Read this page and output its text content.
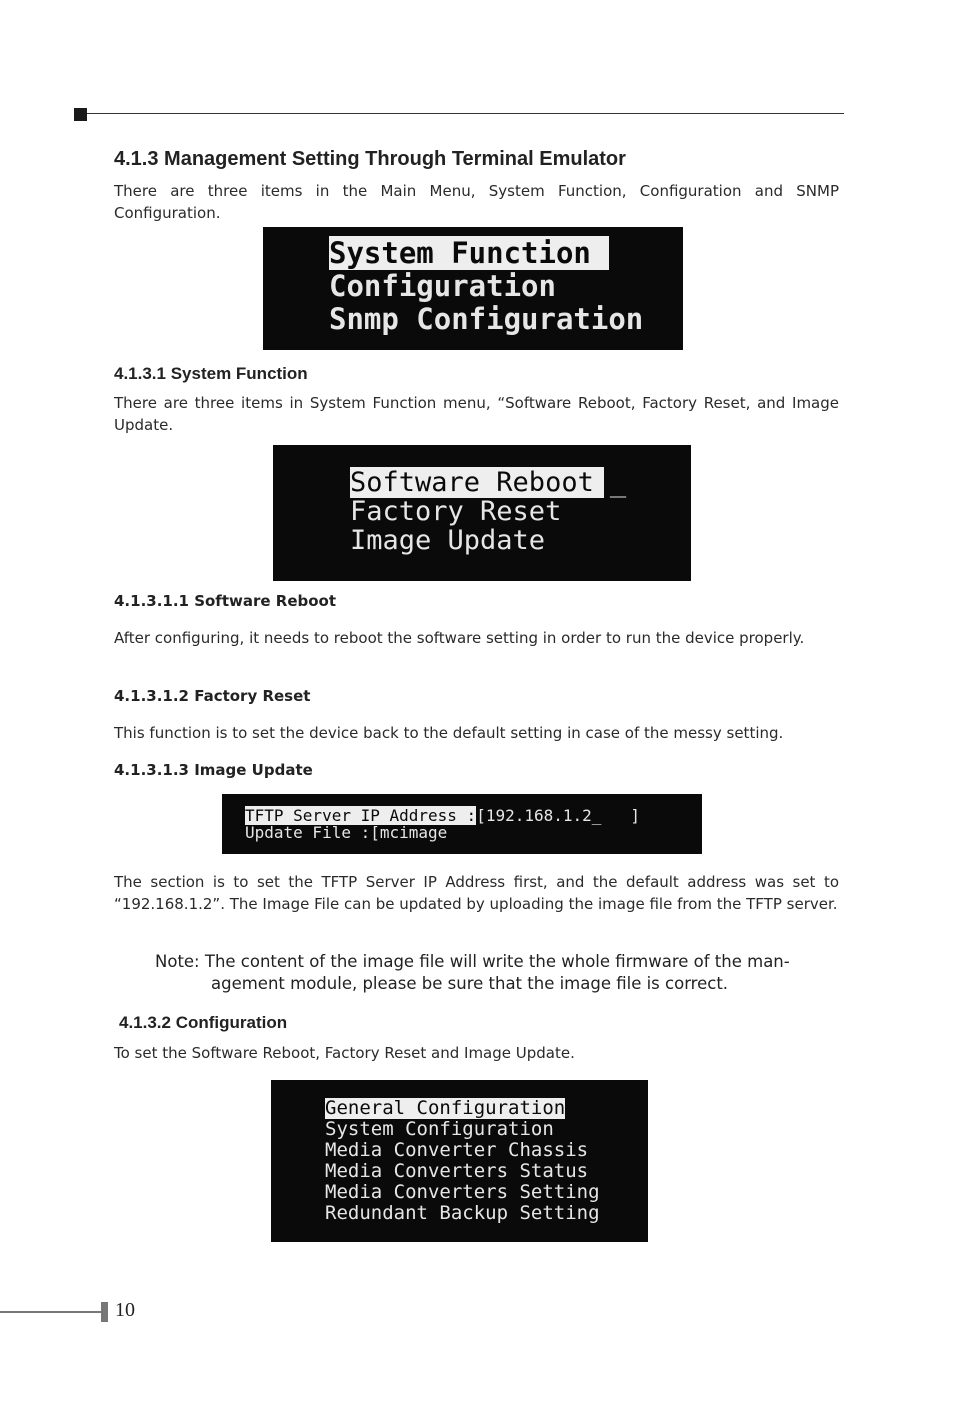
4.1.3 Management Setting Through Terminal Emulator
There are three items in the Main Menu, System Function, Configuration and SNMP Configuration.
System Function
Configuration
Snmp Configuration
4.1.3.1 System Function
There are three items in System Function menu, “Software Reboot, Factory Reset, and Image Update.
Software Reboot _
Factory Reset
Image Update
4.1.3.1.1 Software Reboot
After configuring, it needs to reboot the software setting in order to run the device properly.
4.1.3.1.2 Factory Reset
This function is to set the device back to the default setting in case of the messy setting.
4.1.3.1.3 Image Update
TFTP Server IP Address :[192.168.1.2_   ]
Update File :[mcimage
The section is to set the TFTP Server IP Address first, and the default address was set to “192.168.1.2”. The Image File can be updated by uploading the image file from the TFTP server.
Note: The content of the image file will write the whole firmware of the man-
agement module, please be sure that the image file is correct.
4.1.3.2 Configuration
To set the Software Reboot, Factory Reset and Image Update.
General Configuration
System Configuration
Media Converter Chassis
Media Converters Status
Media Converters Setting
Redundant Backup Setting
10
